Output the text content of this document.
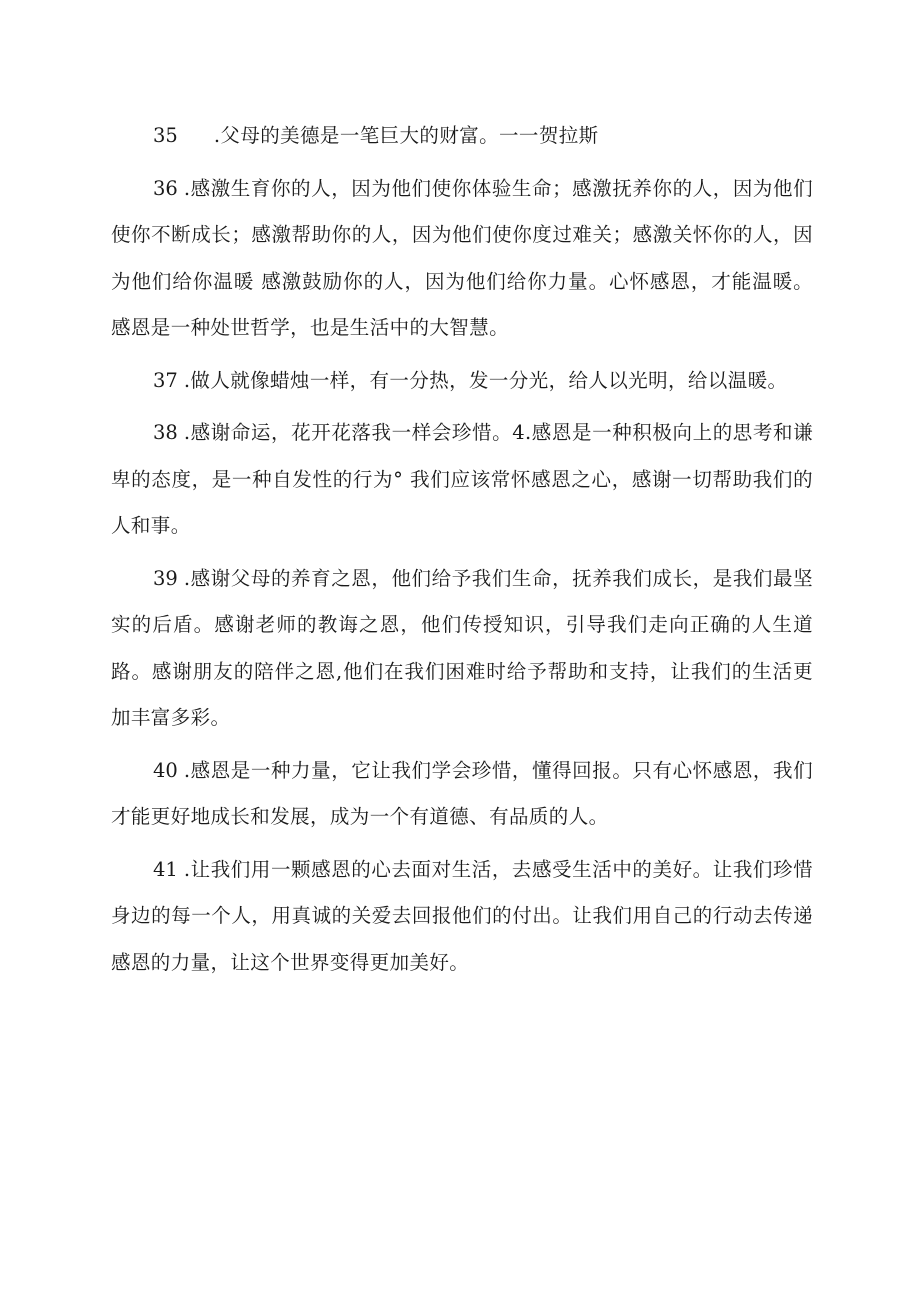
35 .父母的美德是一笔巨大的财富。一一贺拉斯

36 .感激生育你的人，因为他们使你体验生命；感激抚养你的人，因为他们使你不断成长；感激帮助你的人，因为他们使你度过难关；感激关怀你的人，因为他们给你温暖 感激鼓励你的人，因为他们给你力量。心怀感恩，才能温暖。感恩是一种处世哲学，也是生活中的大智慧。

37 .做人就像蜡烛一样，有一分热，发一分光，给人以光明，给以温暖。

38 .感谢命运，花开花落我一样会珍惜。4.感恩是一种积极向上的思考和谦卑的态度，是一种自发性的行为° 我们应该常怀感恩之心，感谢一切帮助我们的人和事。

39 .感谢父母的养育之恩，他们给予我们生命，抚养我们成长，是我们最坚实的后盾。感谢老师的教诲之恩，他们传授知识，引导我们走向正确的人生道路。感谢朋友的陪伴之恩,他们在我们困难时给予帮助和支持，让我们的生活更加丰富多彩。

40 .感恩是一种力量，它让我们学会珍惜，懂得回报。只有心怀感恩，我们才能更好地成长和发展，成为一个有道德、有品质的人。

41 .让我们用一颗感恩的心去面对生活，去感受生活中的美好。让我们珍惜身边的每一个人，用真诚的关爱去回报他们的付出。让我们用自己的行动去传递感恩的力量，让这个世界变得更加美好。
